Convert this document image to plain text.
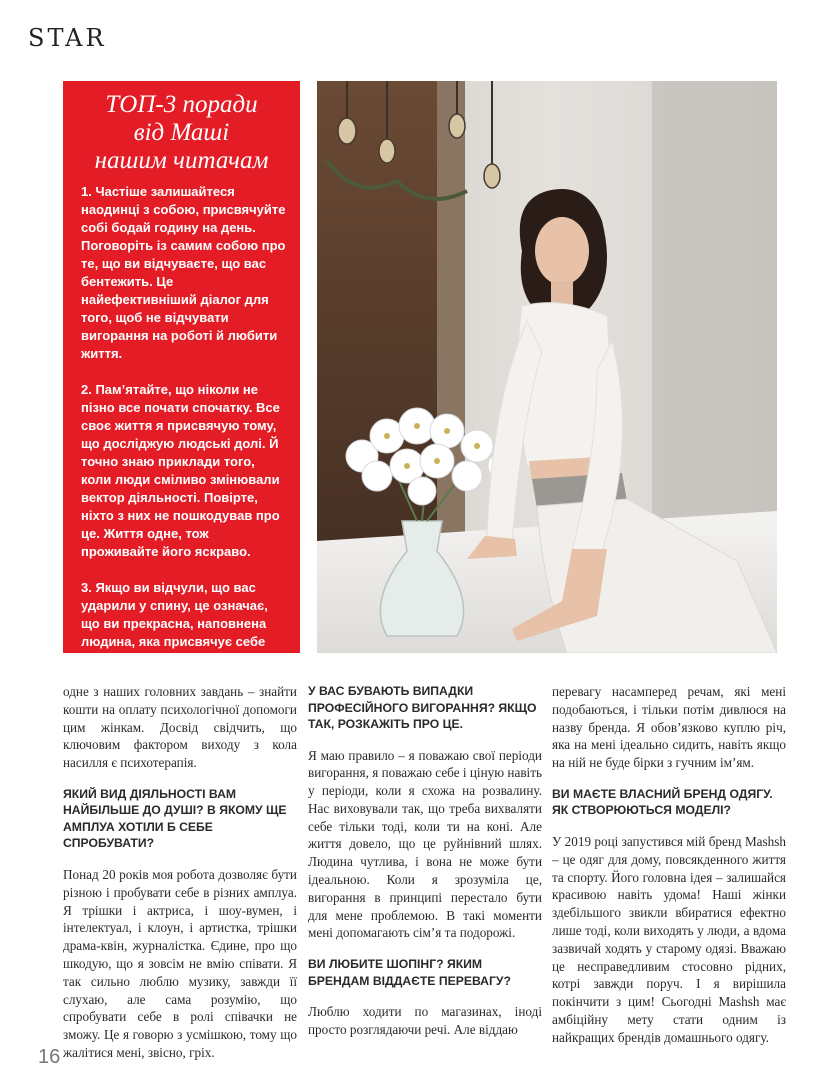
STAR
ТОП-3 поради
від Маші
нашим читачам

1. Частіше залишайтеся наодинці з собою, присвячуйте собі бодай годину на день. Поговоріть із самим собою про те, що ви відчуваєте, що вас бентежить. Це найефективніший діалог для того, щоб не відчувати вигорання на роботі й любити життя.

2. Пам’ятайте, що ніколи не пізно все почати спочатку. Все своє життя я присвячую тому, що досліджую людські долі. Й точно знаю приклади того, коли люди сміливо змінювали вектор діяльності. Повірте, ніхто з них не пошкодував про це. Життя одне, тож проживайте його яскраво.

3. Якщо ви відчули, що вас ударили у спину, це означає, що ви прекрасна, наповнена людина, яка присвячує себе собі та оточенню. Так тримати! Не бійтеся ударів долі!

одне з наших головних завдань – знайти кошти на оплату психологічної допомоги цим жінкам. Досвід свідчить, що ключовим фактором виходу з кола насилля є психотерапія.

ЯКИЙ ВИД ДІЯЛЬНОСТІ ВАМ НАЙБІЛЬШЕ ДО ДУШІ? В ЯКОМУ ЩЕ АМПЛУА ХОТІЛИ Б СЕБЕ СПРОБУВАТИ?

Понад 20 років моя робота дозволяє бути різною і пробувати себе в різних амплуа. Я трішки і актриса, і шоу-вумен, і інтелектуал, і клоун, і артистка, трішки драма-квін, журналістка. Єдине, про що шкодую, що я зовсім не вмію співати. Я так сильно люблю музику, завжди її слухаю, але сама розумію, що спробувати себе в ролі співачки не зможу. Це я говорю з усмішкою, тому що жалітися мені, звісно, гріх.

У ВАС БУВАЮТЬ ВИПАДКИ ПРОФЕСІЙНОГО ВИГОРАННЯ? ЯКЩО ТАК, РОЗКАЖІТЬ ПРО ЦЕ.

Я маю правило – я поважаю свої періоди вигорання, я поважаю себе і ціную навіть у періоди, коли я схожа на розвалину. Нас виховували так, що треба вихваляти себе тільки тоді, коли ти на коні. Але життя довело, що це руйнівний шлях. Людина чутлива, і вона не може бути ідеальною. Коли я зрозуміла це, вигорання в принципі перестало бути для мене проблемою. В такі моменти мені допомагають сім’я та подорожі.

ВИ ЛЮБИТЕ ШОПІНГ? ЯКИМ БРЕНДАМ ВІДДАЄТЕ ПЕРЕВАГУ?

Люблю ходити по магазинах, іноді просто розглядаючи речі. Але віддаю

перевагу насамперед речам, які мені подобаються, і тільки потім дивлюся на назву бренда. Я обов’язково куплю річ, яка на мені ідеально сидить, навіть якщо на ній не буде бірки з гучним ім’ям.

ВИ МАЄТЕ ВЛАСНИЙ БРЕНД ОДЯГУ. ЯК СТВОРЮЮТЬСЯ МОДЕЛІ?

У 2019 році запустився мій бренд Mashsh – це одяг для дому, повсякденного життя та спорту. Його головна ідея – залишайся красивою навіть удома! Наші жінки здебільшого звикли вбиратися ефектно лише тоді, коли виходять у люди, а вдома зазвичай ходять у старому одязі. Вважаю це несправедливим стосовно рідних, котрі завжди поруч. І я вирішила покінчити з цим! Сьогодні Mashsh має амбіційну мету стати одним із найкращих брендів домашнього одягу.

16
